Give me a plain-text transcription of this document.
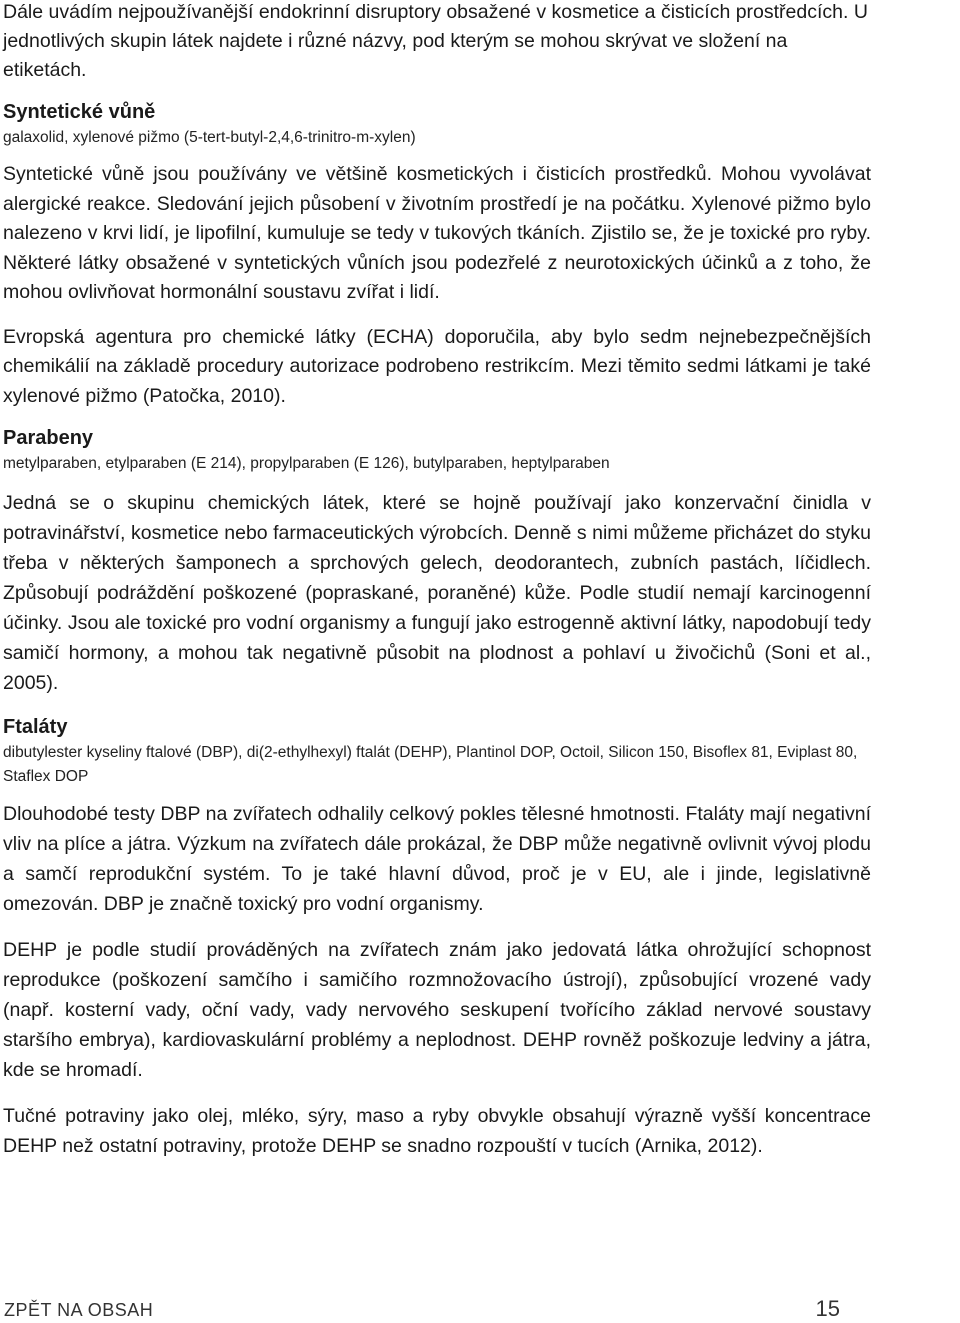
Dále uvádím nejpoužívanější endokrinní disruptory obsažené v kosmetice a čisticích prostředcích. U jednotlivých skupin látek najdete i různé názvy, pod kterým se mohou skrývat ve složení na etiketách.

Syntetické vůně

galaxolid, xylenové pižmo (5-tert-butyl-2,4,6-trinitro-m-xylen)

Syntetické vůně jsou používány ve většině kosmetických i čisticích prostředků. Mohou vyvolávat alergické reakce. Sledování jejich působení v životním prostředí je na počátku. Xylenové pižmo bylo nalezeno v krvi lidí, je lipofilní, kumuluje se tedy v tukových tkáních. Zjistilo se, že je toxické pro ryby. Některé látky obsažené v syntetických vůních jsou podezřelé z neurotoxických účinků a z toho, že mohou ovlivňovat hormonální soustavu zvířat i lidí.

Evropská agentura pro chemické látky (ECHA) doporučila, aby bylo sedm nejnebezpečnějších chemikálií na základě procedury autorizace podrobeno restrikcím. Mezi těmito sedmi látkami je také xylenové pižmo (Patočka, 2010).

Parabeny

metylparaben, etylparaben (E 214), propylparaben (E 126), butylparaben, heptylparaben

Jedná se o skupinu chemických látek, které se hojně používají jako konzervační činidla v potravinářství, kosmetice nebo farmaceutických výrobcích. Denně s nimi můžeme přicházet do styku třeba v některých šamponech a sprchových gelech, deodorantech, zubních pastách, líčidlech. Způsobují podráždění poškozené (popraskané, poraněné) kůže. Podle studií nemají karcinogenní účinky. Jsou ale toxické pro vodní organismy a fungují jako estrogenně aktivní látky, napodobují tedy samičí hormony, a mohou tak negativně působit na plodnost a pohlaví u živočichů (Soni et al., 2005).

Ftaláty

dibutylester kyseliny ftalové (DBP), di(2-ethylhexyl) ftalát (DEHP), Plantinol DOP, Octoil, Silicon 150, Bisoflex 81, Eviplast 80, Staflex DOP

Dlouhodobé testy DBP na zvířatech odhalily celkový pokles tělesné hmotnosti. Ftaláty mají negativní vliv na plíce a játra. Výzkum na zvířatech dále prokázal, že DBP může negativně ovlivnit vývoj plodu a samčí reprodukční systém. To je také hlavní důvod, proč je v EU, ale i jinde, legislativně omezován. DBP je značně toxický pro vodní organismy.

DEHP je podle studií prováděných na zvířatech znám jako jedovatá látka ohrožující schopnost reprodukce (poškození samčího i samičího rozmnožovacího ústrojí), způsobující vrozené vady (např. kosterní vady, oční vady, vady nervového seskupení tvořícího základ nervové soustavy staršího embrya), kardiovaskulární problémy a neplodnost. DEHP rovněž poškozuje ledviny a játra, kde se hromadí.

Tučné potraviny jako olej, mléko, sýry, maso a ryby obvykle obsahují výrazně vyšší koncentrace DEHP než ostatní potraviny, protože DEHP se snadno rozpouští v tucích (Arnika, 2012).

ZPĚT NA OBSAH	15
